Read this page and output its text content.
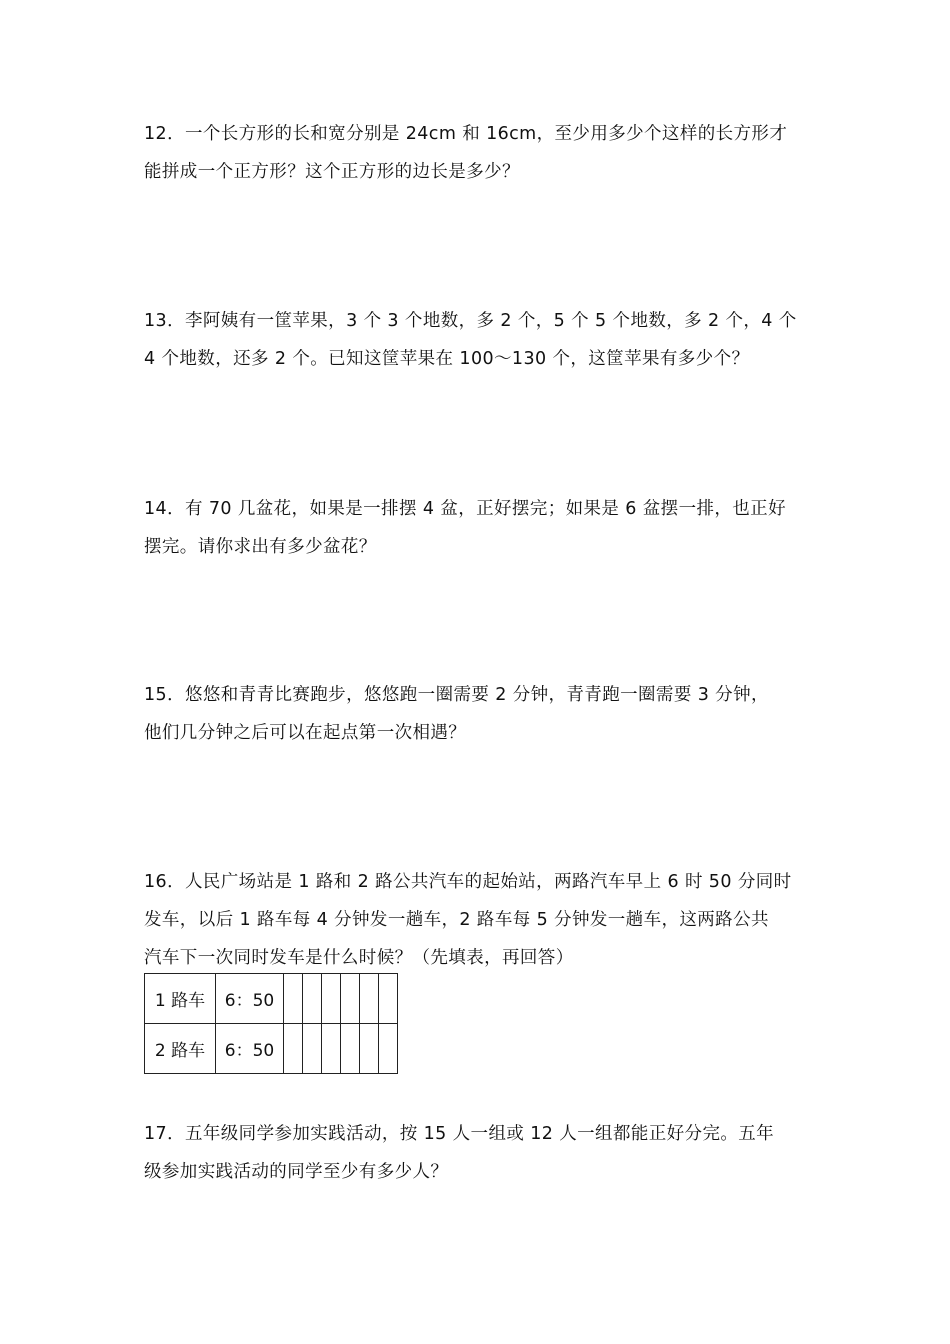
12．一个长方形的长和宽分别是 24cm 和 16cm，至少用多少个这样的长方形才

能拼成一个正方形？这个正方形的边长是多少？

13．李阿姨有一筐苹果，3 个 3 个地数，多 2 个，5 个 5 个地数，多 2 个，4 个

4 个地数，还多 2 个。已知这筐苹果在 100～130 个，这筐苹果有多少个？

14．有 70 几盆花，如果是一排摆 4 盆，正好摆完；如果是 6 盆摆一排，也正好

摆完。请你求出有多少盆花？

15．悠悠和青青比赛跑步，悠悠跑一圈需要 2 分钟，青青跑一圈需要 3 分钟，

他们几分钟之后可以在起点第一次相遇？

16．人民广场站是 1 路和 2 路公共汽车的起始站，两路汽车早上 6 时 50 分同时

发车，以后 1 路车每 4 分钟发一趟车，2 路车每 5 分钟发一趟车，这两路公共

汽车下一次同时发车是什么时候？（先填表，再回答）

1 路车	6：50						
2 路车	6：50						

17．五年级同学参加实践活动，按 15 人一组或 12 人一组都能正好分完。五年

级参加实践活动的同学至少有多少人？
